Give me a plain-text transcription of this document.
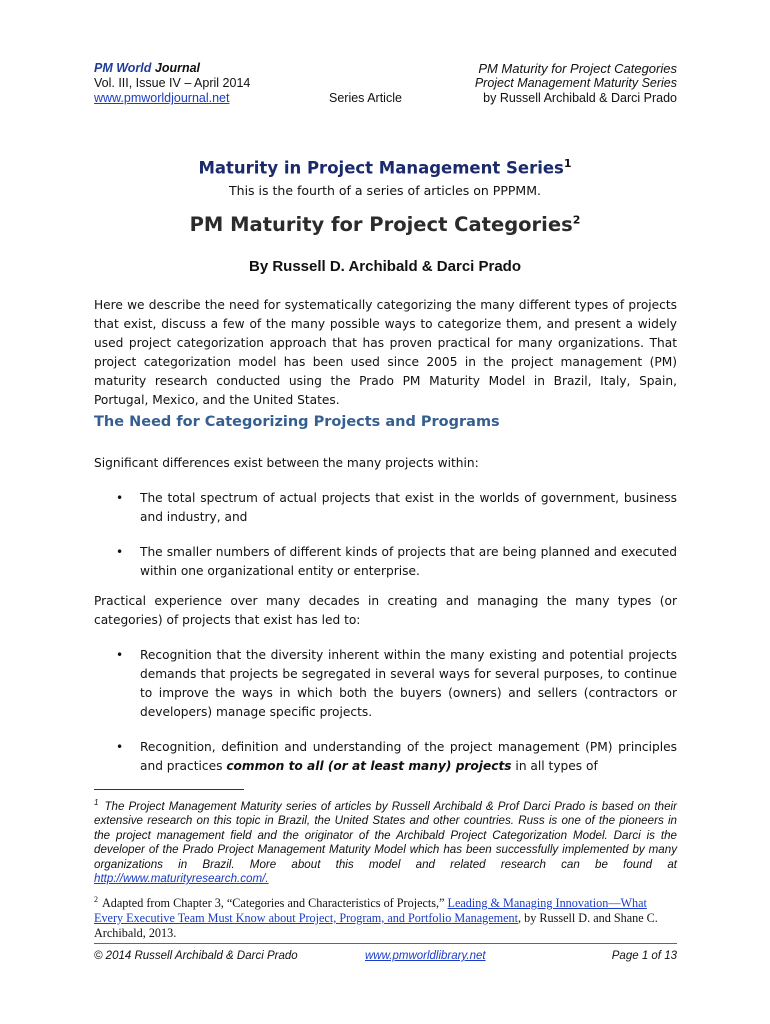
PM World Journal
Vol. III, Issue IV – April 2014
www.pmworldjournal.net	Series Article
PM Maturity for Project Categories
Project Management Maturity Series
by Russell Archibald & Darci Prado
Maturity in Project Management Series$^1$
This is the fourth of a series of articles on PPPMM.
PM Maturity for Project Categories$^2$
By Russell D. Archibald & Darci Prado

Here we describe the need for systematically categorizing the many different types of projects that exist, discuss a few of the many possible ways to categorize them, and present a widely used project categorization approach that has proven practical for many organizations. That project categorization model has been used since 2005 in the project management (PM) maturity research conducted using the Prado PM Maturity Model in Brazil, Italy, Spain, Portugal, Mexico, and the United States.

The Need for Categorizing Projects and Programs

Significant differences exist between the many projects within:

• The total spectrum of actual projects that exist in the worlds of government, business and industry, and
• The smaller numbers of different kinds of projects that are being planned and executed within one organizational entity or enterprise.

Practical experience over many decades in creating and managing the many types (or categories) of projects that exist has led to:

• Recognition that the diversity inherent within the many existing and potential projects demands that projects be segregated in several ways for several purposes, to continue to improve the ways in which both the buyers (owners) and sellers (contractors or developers) manage specific projects.
• Recognition, definition and understanding of the project management (PM) principles and practices common to all (or at least many) projects in all types of
$^1$ The Project Management Maturity series of articles by Russell Archibald & Prof Darci Prado is based on their extensive research on this topic in Brazil, the United States and other countries. Russ is one of the pioneers in the project management field and the originator of the Archibald Project Categorization Model. Darci is the developer of the Prado Project Management Maturity Model which has been successfully implemented by many organizations in Brazil. More about this model and related research can be found at http://www.maturityresearch.com/.
$^2$ Adapted from Chapter 3, “Categories and Characteristics of Projects,” Leading & Managing Innovation—What Every Executive Team Must Know about Project, Program, and Portfolio Management, by Russell D. and Shane C. Archibald, 2013.
© 2014 Russell Archibald & Darci Prado	www.pmworldlibrary.net	Page 1 of 13
